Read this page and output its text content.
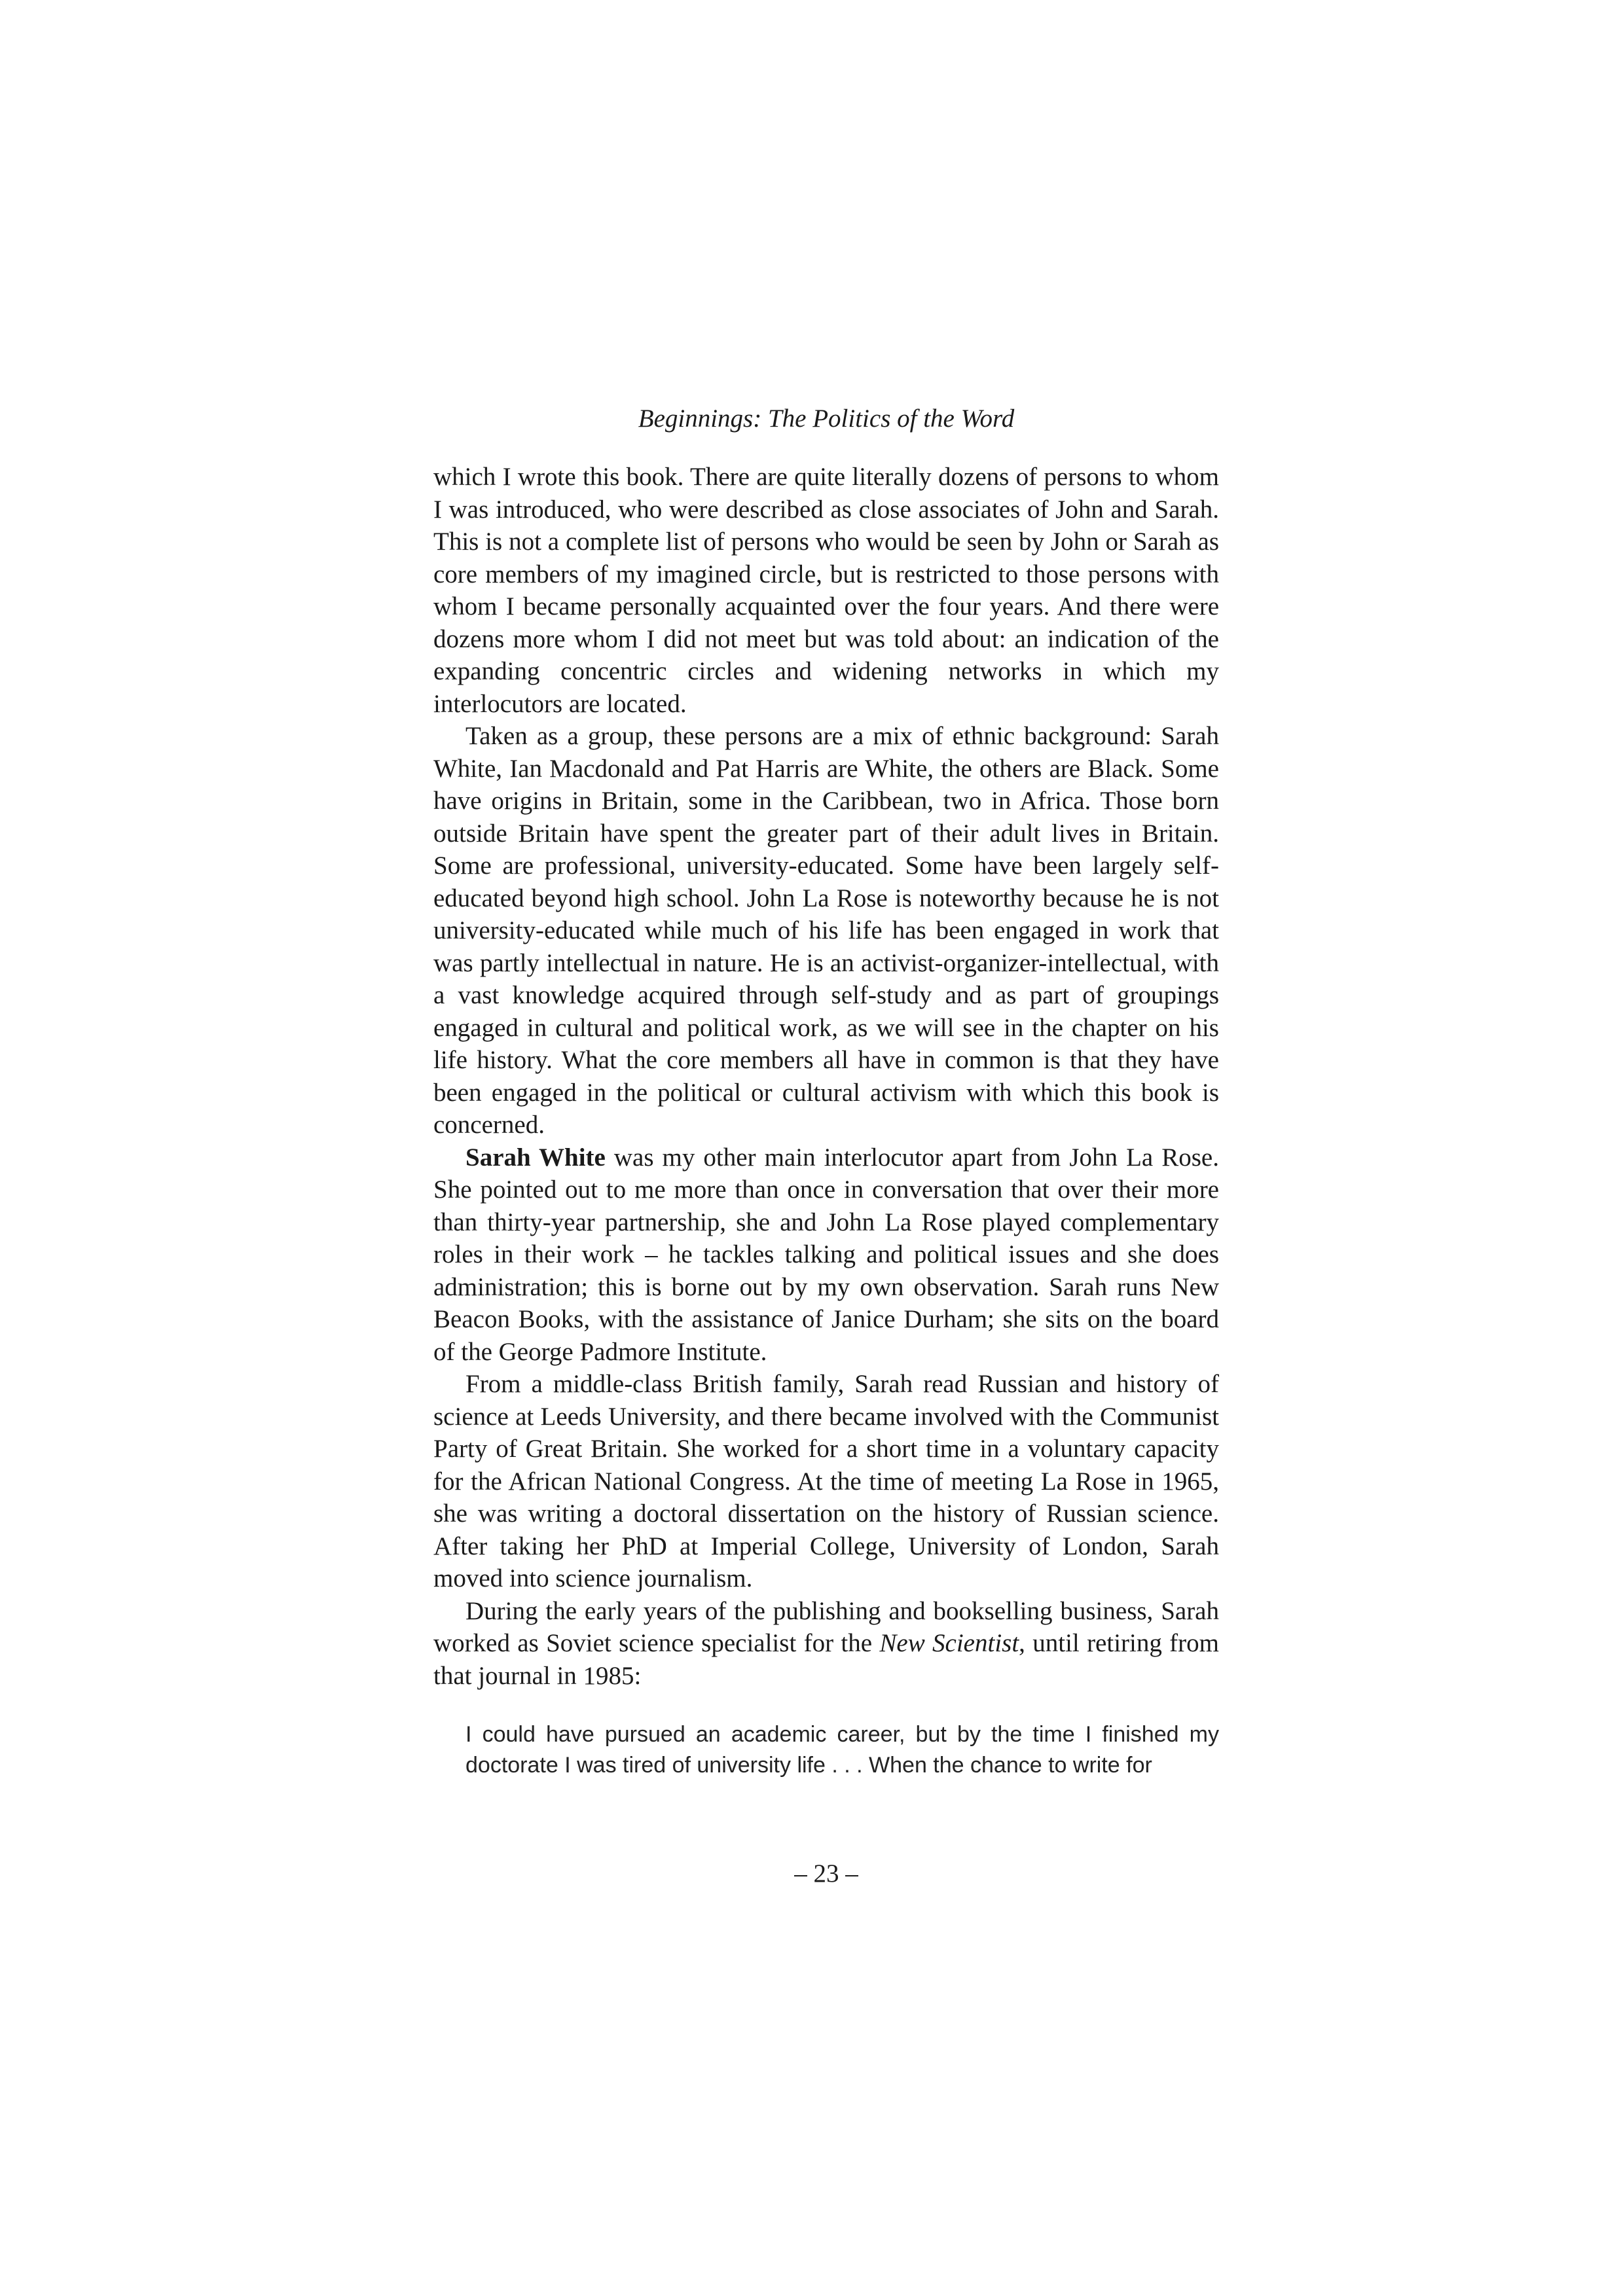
Beginnings: The Politics of the Word

which I wrote this book. There are quite literally dozens of persons to whom I was introduced, who were described as close associates of John and Sarah. This is not a complete list of persons who would be seen by John or Sarah as core members of my imagined circle, but is restricted to those persons with whom I became personally acquainted over the four years. And there were dozens more whom I did not meet but was told about: an indication of the expanding concentric circles and widening networks in which my interlocutors are located.

Taken as a group, these persons are a mix of ethnic background: Sarah White, Ian Macdonald and Pat Harris are White, the others are Black. Some have origins in Britain, some in the Caribbean, two in Africa. Those born outside Britain have spent the greater part of their adult lives in Britain. Some are professional, university-educated. Some have been largely self-educated beyond high school. John La Rose is noteworthy because he is not university-educated while much of his life has been engaged in work that was partly intellectual in nature. He is an activist-organizer-intellectual, with a vast knowledge acquired through self-study and as part of groupings engaged in cultural and political work, as we will see in the chapter on his life history. What the core members all have in common is that they have been engaged in the political or cultural activism with which this book is concerned.

Sarah White was my other main interlocutor apart from John La Rose. She pointed out to me more than once in conversation that over their more than thirty-year partnership, she and John La Rose played complementary roles in their work – he tackles talking and political issues and she does administration; this is borne out by my own observation. Sarah runs New Beacon Books, with the assistance of Janice Durham; she sits on the board of the George Padmore Institute.

From a middle-class British family, Sarah read Russian and history of science at Leeds University, and there became involved with the Communist Party of Great Britain. She worked for a short time in a voluntary capacity for the African National Congress. At the time of meeting La Rose in 1965, she was writing a doctoral dissertation on the history of Russian science. After taking her PhD at Imperial College, University of London, Sarah moved into science journalism.

During the early years of the publishing and bookselling business, Sarah worked as Soviet science specialist for the New Scientist, until retiring from that journal in 1985:

I could have pursued an academic career, but by the time I finished my doctorate I was tired of university life . . . When the chance to write for
– 23 –
